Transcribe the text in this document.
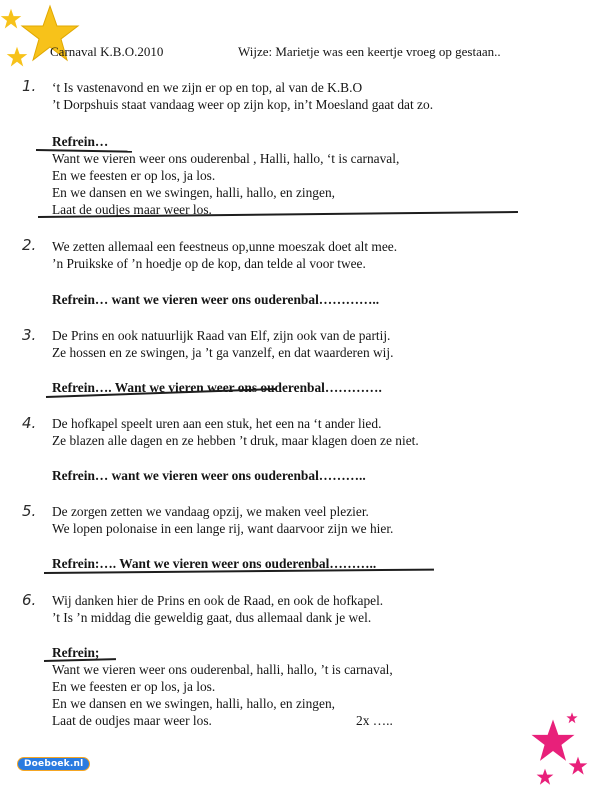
Carnaval K.B.O.2010	Wijze: Marietje was een keertje vroeg op gestaan..
1. ‘t Is vastenavond en we zijn er op en top, al van de K.B.O
’t Dorpshuis staat vandaag weer op zijn kop, in’t Moesland gaat dat zo.
Refrein…
Want we vieren weer ons ouderenbal , Halli, hallo, ‘t is carnaval,
En we feesten er op los, ja los.
En we dansen en we swingen, halli, hallo, en zingen,
Laat de oudjes maar weer los.
2. We zetten allemaal een feestneus op,unne moeszak doet alt mee.
’n Pruikske of ’n hoedje op de kop, dan telde al voor twee.
Refrein… want we vieren weer ons ouderenbal…………..
3. De Prins en ook natuurlijk Raad van Elf, zijn ook van de partij.
Ze hossen en ze swingen, ja ’t ga vanzelf, en dat waarderen wij.
Refrein…. Want we vieren weer ons ouderenbal………….
4. De hofkapel speelt uren aan een stuk, het een na ‘t ander lied.
Ze blazen alle dagen en ze hebben ’t druk, maar klagen doen ze niet.
Refrein… want we vieren weer ons ouderenbal………..
5. De zorgen zetten we vandaag opzij, we maken veel plezier.
We lopen polonaise in een lange rij, want daarvoor zijn we hier.
Refrein:…. Want we vieren weer ons ouderenbal………..
6. Wij danken hier de Prins en ook de Raad, en ook de hofkapel.
’t Is ’n middag die geweldig gaat, dus allemaal dank je wel.
Refrein;
Want we vieren weer ons ouderenbal, halli, hallo, ’t is carnaval,
En we feesten er op los, ja los.
En we dansen en we swingen, halli, hallo, en zingen,
Laat de oudjes maar weer los.	2x …..
Doeboek.nl
